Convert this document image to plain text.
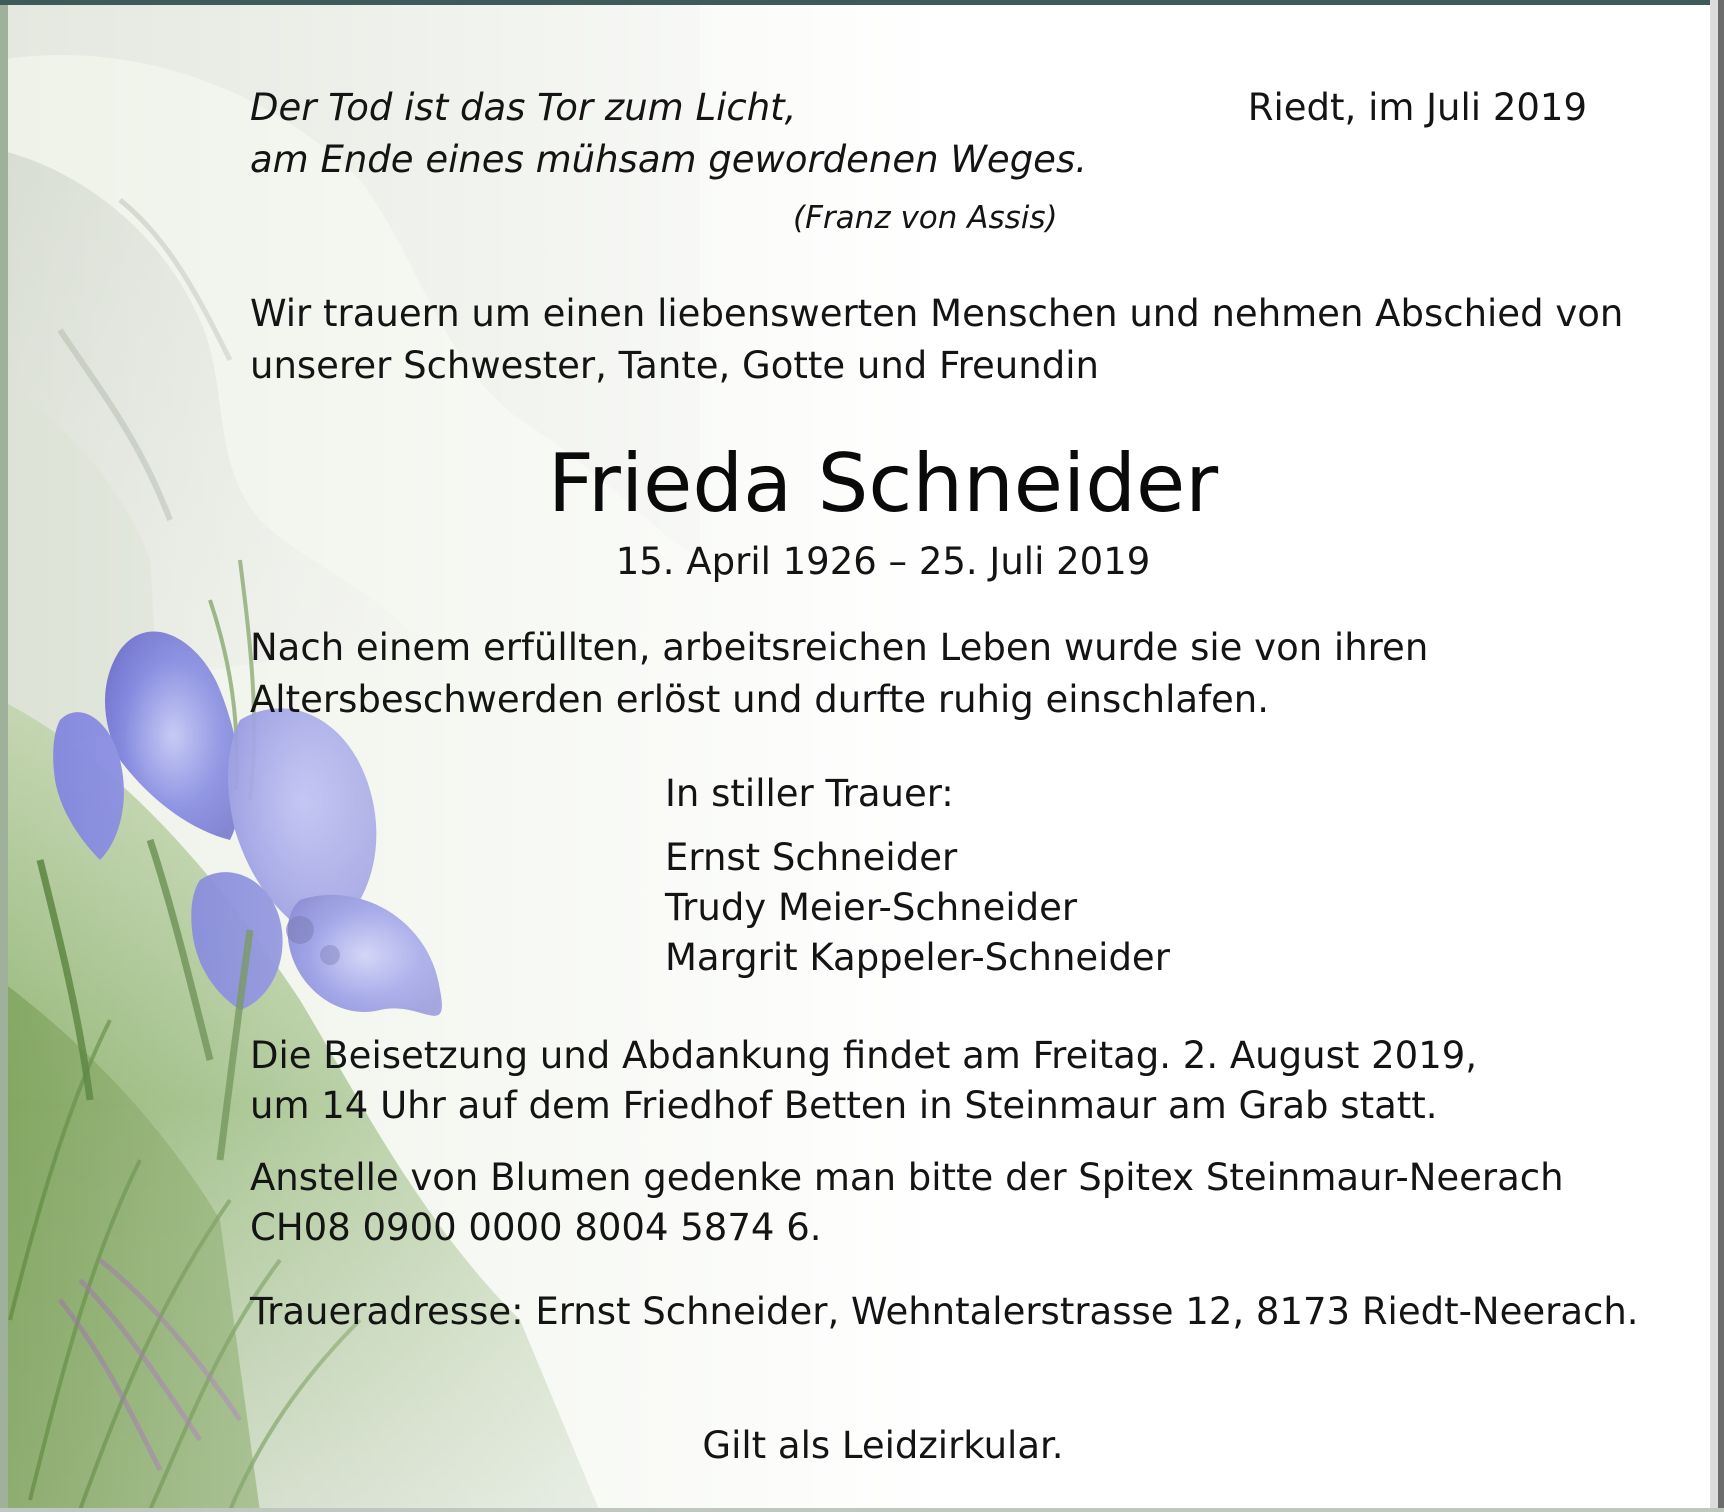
Der Tod ist das Tor zum Licht,

am Ende eines mühsam gewordenen Weges.

(Franz von Assis)

Riedt, im Juli 2019

Wir trauern um einen liebenswerten Menschen und nehmen Abschied von

unserer Schwester, Tante, Gotte und Freundin

Frieda Schneider

15. April 1926 – 25. Juli 2019

Nach einem erfüllten, arbeitsreichen Leben wurde sie von ihren

Altersbeschwerden erlöst und durfte ruhig einschlafen.

In stiller Trauer:

Ernst Schneider

Trudy Meier-Schneider

Margrit Kappeler-Schneider

Die Beisetzung und Abdankung findet am Freitag. 2. August 2019,

um 14 Uhr auf dem Friedhof Betten in Steinmaur am Grab statt.

Anstelle von Blumen gedenke man bitte der Spitex Steinmaur-Neerach

CH08 0900 0000 8004 5874 6.

Traueradresse: Ernst Schneider, Wehntalerstrasse 12, 8173 Riedt-Neerach.

Gilt als Leidzirkular.
